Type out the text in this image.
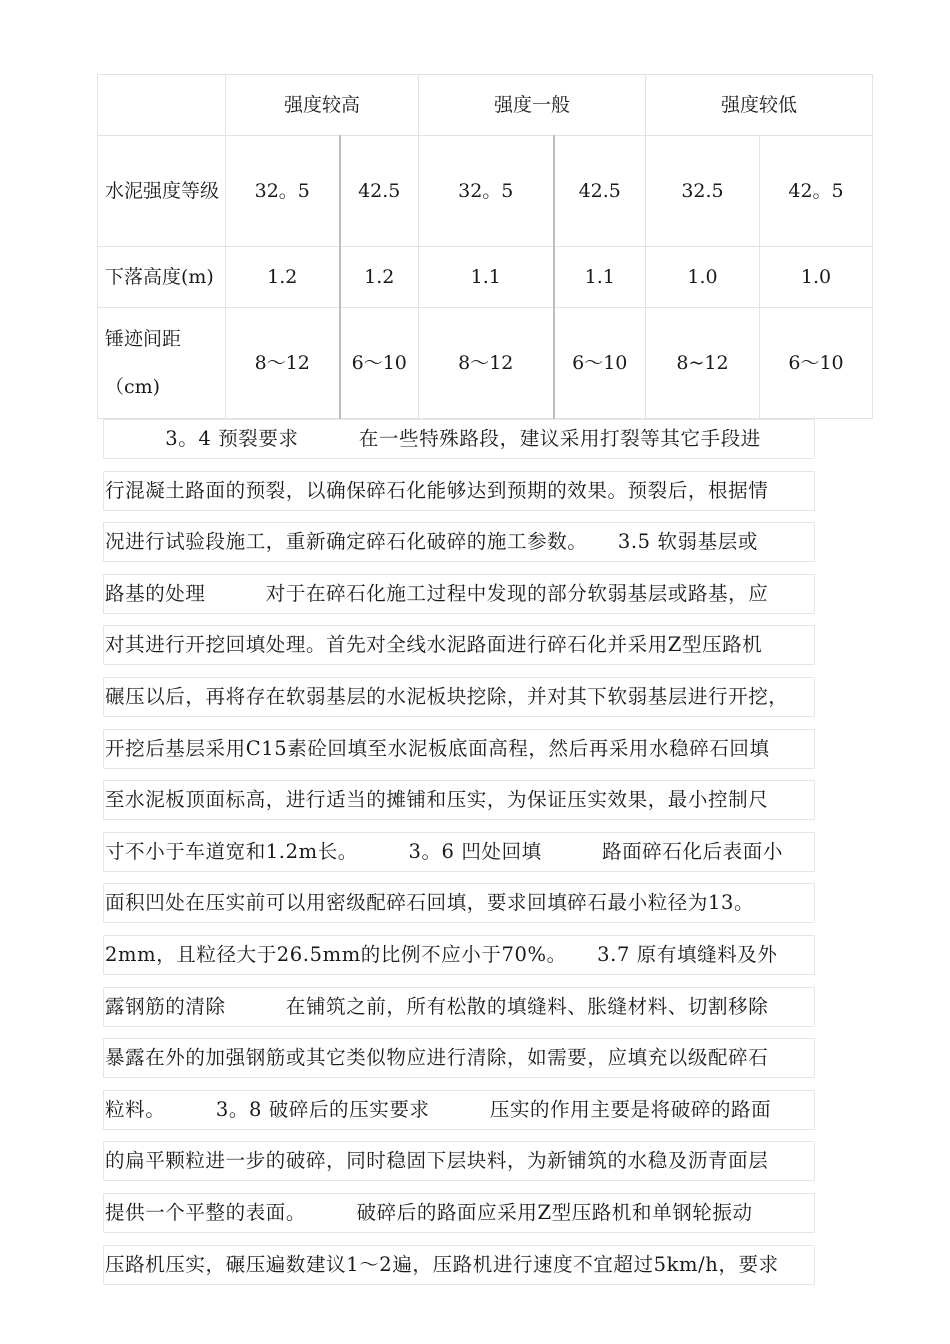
	强度较高		强度一般		强度较低	
水泥强度等级	32。5	42.5	32。5	42.5	32.5	42。5
下落高度(m)	1.2	1.2	1.1	1.1	1.0	1.0
锤迹间距（cm)	8～12	6～10	8～12	6～10	8~12	6～10
　　　3。4 预裂要求　　　在一些特殊路段，建议采用打裂等其它手段进
行混凝土路面的预裂，以确保碎石化能够达到预期的效果。预裂后，根据情
况进行试验段施工，重新确定碎石化破碎的施工参数。　　3.5 软弱基层或
路基的处理　　　对于在碎石化施工过程中发现的部分软弱基层或路基，应
对其进行开挖回填处理。首先对全线水泥路面进行碎石化并采用Z型压路机
碾压以后，再将存在软弱基层的水泥板块挖除，并对其下软弱基层进行开挖，
开挖后基层采用C15素砼回填至水泥板底面高程，然后再采用水稳碎石回填
至水泥板顶面标高，进行适当的摊铺和压实，为保证压实效果，最小控制尺
寸不小于车道宽和1.2m长。　　　3。6 凹处回填　　　路面碎石化后表面小
面积凹处在压实前可以用密级配碎石回填，要求回填碎石最小粒径为13。
2mm，且粒径大于26.5mm的比例不应小于70%。　　3.7 原有填缝料及外
露钢筋的清除　　　在铺筑之前，所有松散的填缝料、胀缝材料、切割移除
暴露在外的加强钢筋或其它类似物应进行清除，如需要，应填充以级配碎石
粒料。　　　3。8 破碎后的压实要求　　　压实的作用主要是将破碎的路面
的扁平颗粒进一步的破碎，同时稳固下层块料，为新铺筑的水稳及沥青面层
提供一个平整的表面。　　　破碎后的路面应采用Z型压路机和单钢轮振动
压路机压实，碾压遍数建议1～2遍，压路机进行速度不宜超过5km/h，要求
